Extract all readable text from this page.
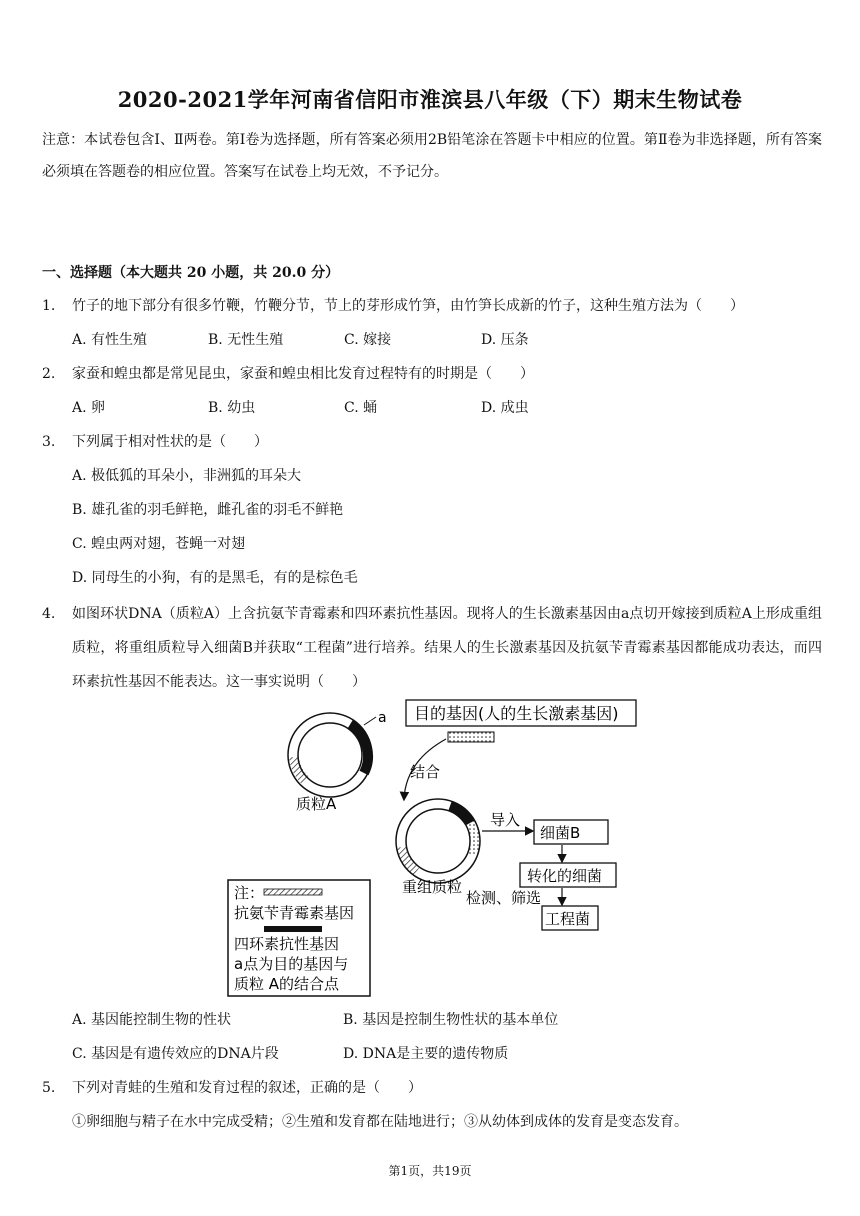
2020-2021学年河南省信阳市淮滨县八年级（下）期末生物试卷
注意：本试卷包含Ⅰ、Ⅱ两卷。第Ⅰ卷为选择题，所有答案必须用2B铅笔涂在答题卡中相应的位置。第Ⅱ卷为非选择题，所有答案必须填在答题卷的相应位置。答案写在试卷上均无效，不予记分。
一、选择题（本大题共 20 小题，共 20.0 分）
1. 竹子的地下部分有很多竹鞭，竹鞭分节，节上的芽形成竹笋，由竹笋长成新的竹子，这种生殖方法为（　　）
A. 有性生殖	B. 无性生殖	C. 嫁接	D. 压条
2. 家蚕和蝗虫都是常见昆虫，家蚕和蝗虫相比发育过程特有的时期是（　　）
A. 卵	B. 幼虫	C. 蛹	D. 成虫
3. 下列属于相对性状的是（　　）
A. 极低狐的耳朵小，非洲狐的耳朵大
B. 雄孔雀的羽毛鲜艳，雌孔雀的羽毛不鲜艳
C. 蝗虫两对翅，苍蝇一对翅
D. 同母生的小狗，有的是黑毛，有的是棕色毛
4. 如图环状DNA（质粒A）上含抗氨苄青霉素和四环素抗性基因。现将人的生长激素基因由a点切开嫁接到质粒A上形成重组质粒，将重组质粒导入细菌B并获取“工程菌”进行培养。结果人的生长激素基因及抗氨苄青霉素基因都能成功表达，而四环素抗性基因不能表达。这一事实说明（　　）
a
质粒A
目的基因(人的生长激素基因)
结合
重组质粒
导入
细菌B
转化的细菌
检测、筛选
工程菌
注：
抗氨苄青霉素基因
四环素抗性基因
a点为目的基因与
质粒 A的结合点
A. 基因能控制生物的性状	B. 基因是控制生物性状的基本单位
C. 基因是有遗传效应的DNA片段	D. DNA是主要的遗传物质
5. 下列对青蛙的生殖和发育过程的叙述，正确的是（　　）
①卵细胞与精子在水中完成受精；②生殖和发育都在陆地进行；③从幼体到成体的发育是变态发育。
第1页，共19页
